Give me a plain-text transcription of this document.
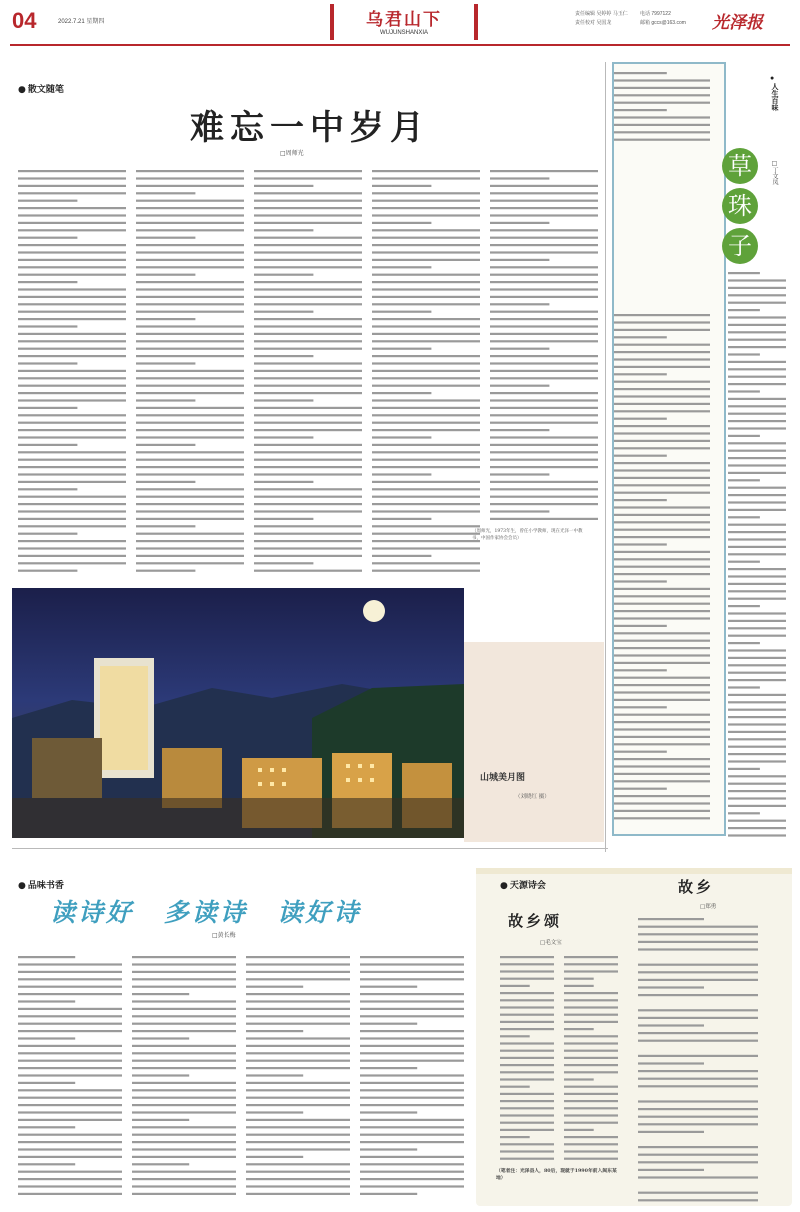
04	2022.7.21 星期四	乌君山下
WUJUNSHANXIA
责任编辑 吴婷婷 马玉仁
责任校对 吴国龙
电话 7997122
邮箱 gccs@163.com 光泽报
● 散文随笔
难忘一中岁月
□周师光
（周师光，1973年生，曾任小学教师，现在光泽一中教书，中国作家协会会员）
●
人生百味
草
珠
子
□丁文凤
山城美月图
（刘晓红 摄）
● 品味书香
读诗好 多读诗 读好诗
□黄长梅
● 天源诗会
故乡颂
□毛文宝
（笔者注：光泽县人，80后，现就于1990年前入闽东某地）
故乡
□郑勇
